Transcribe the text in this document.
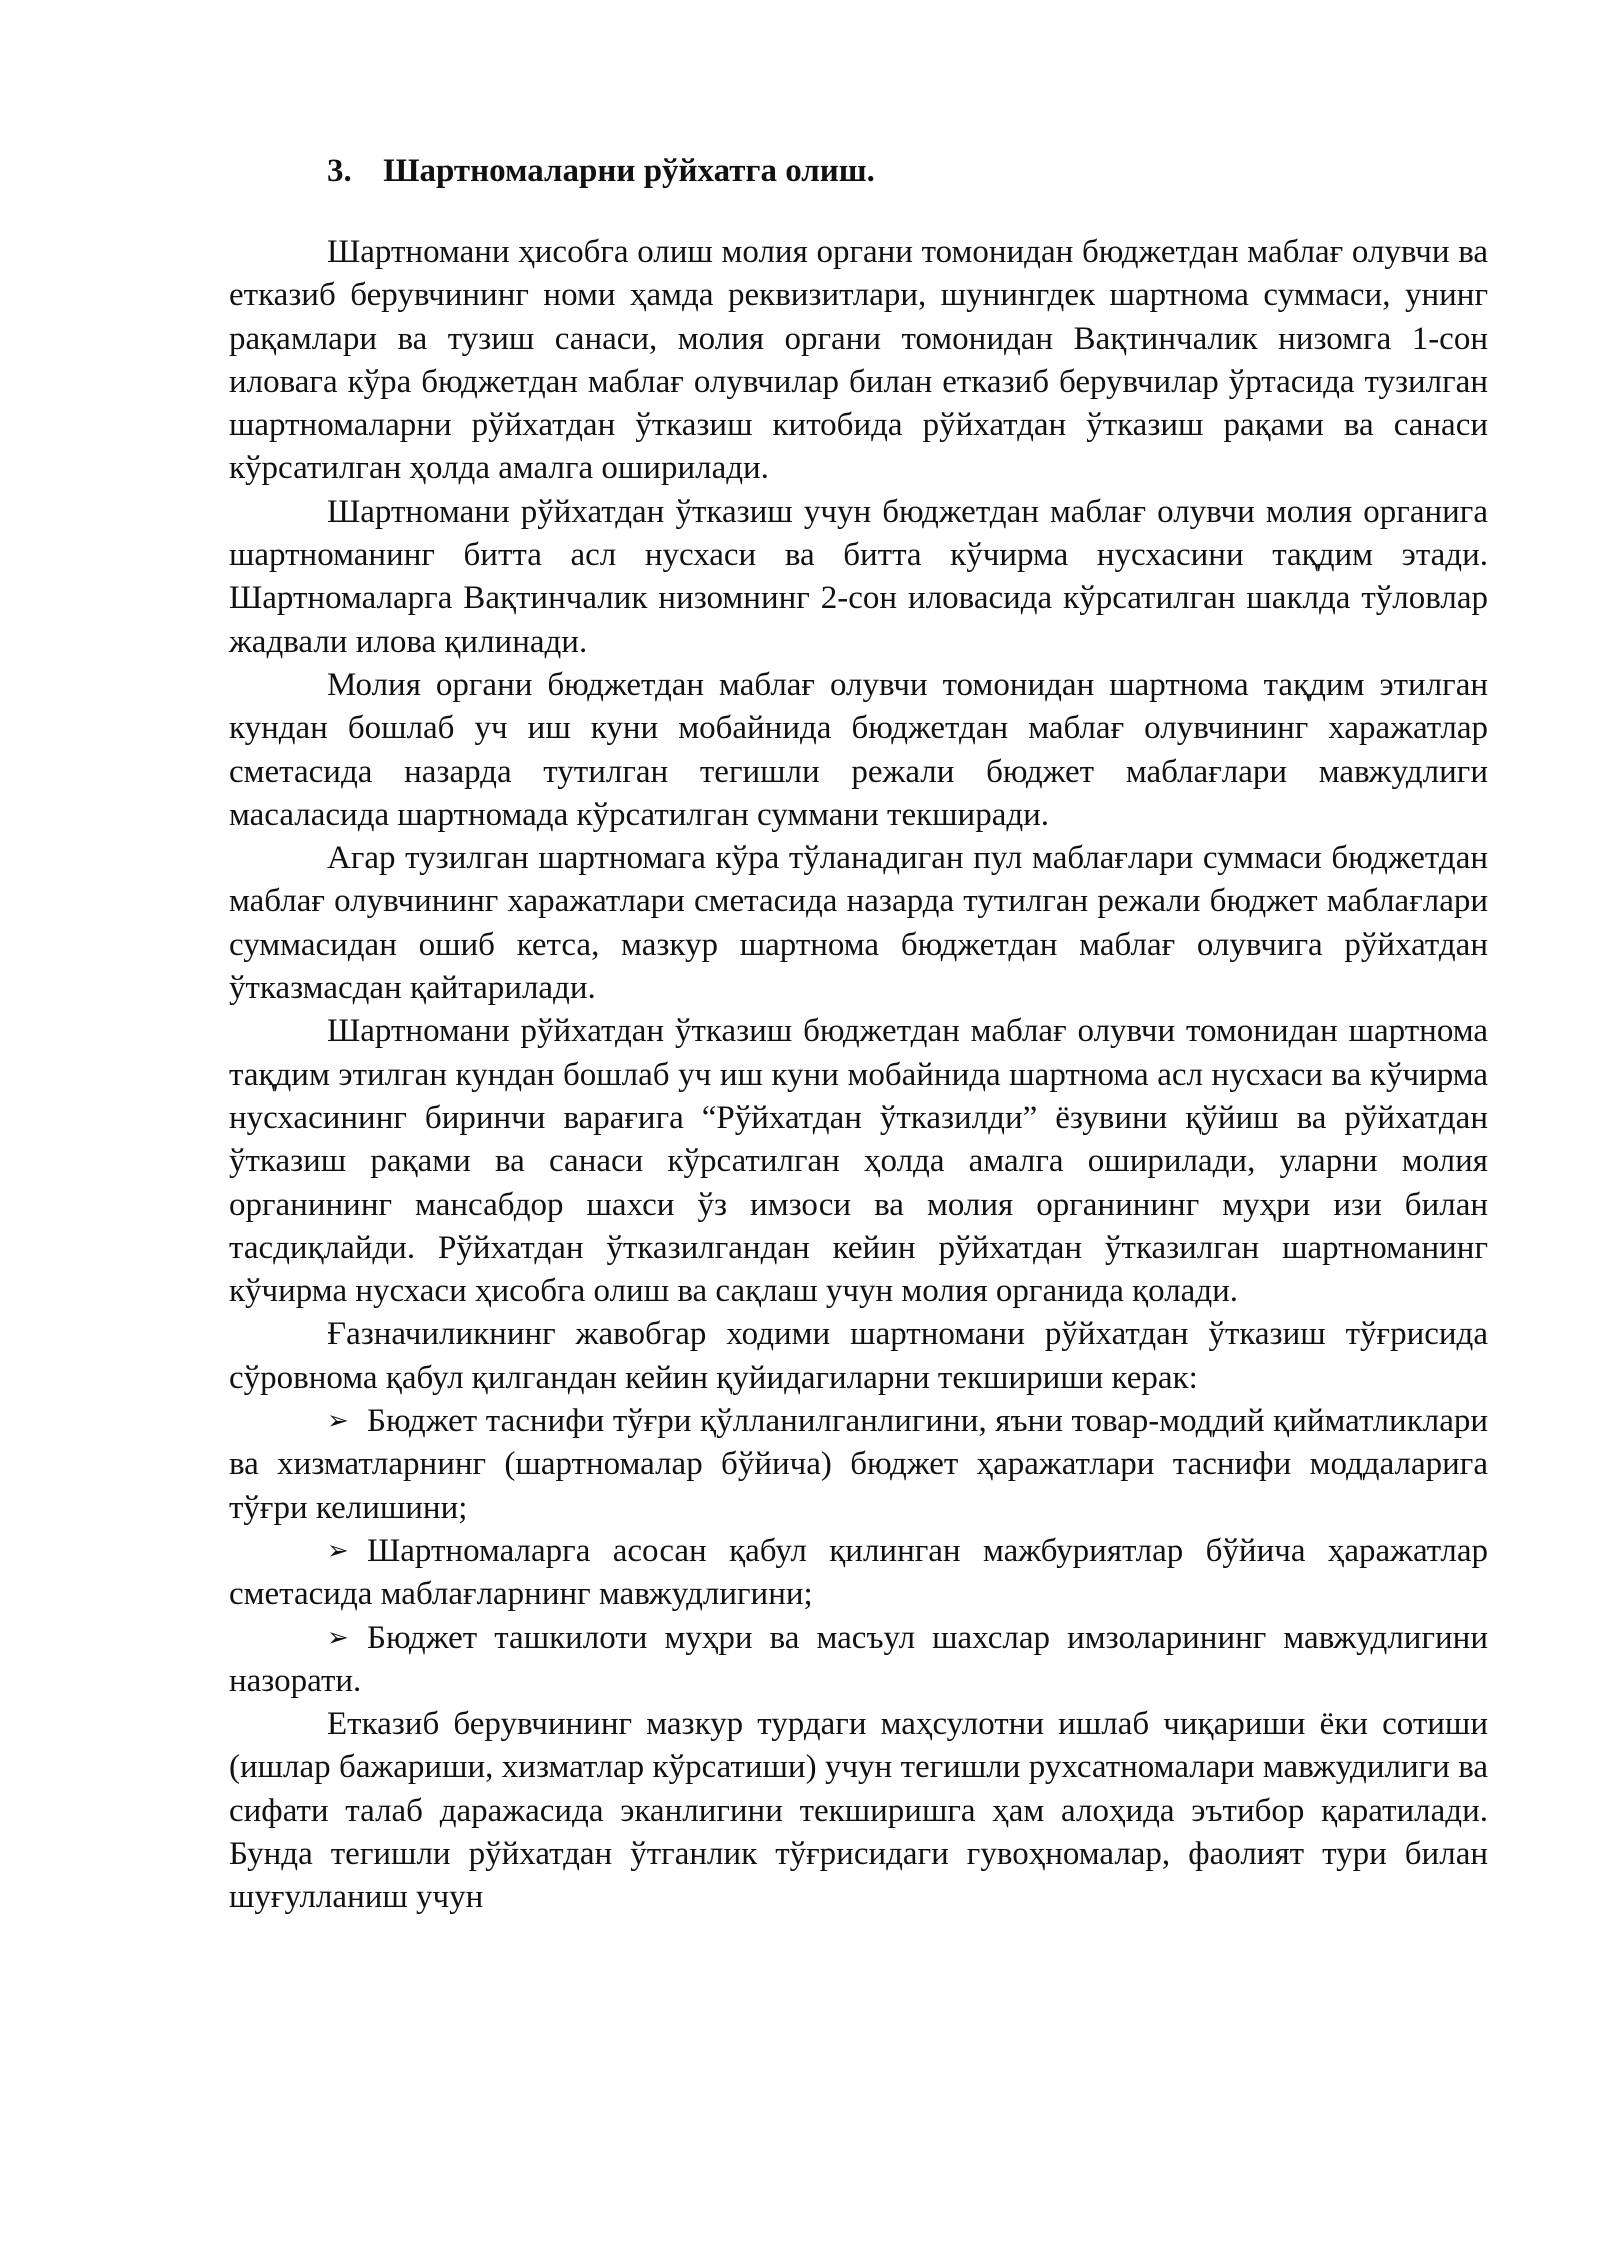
3. Шартномаларни рўйхатга олиш.

Шартномани ҳисобга олиш молия органи томонидан бюджетдан маблағ олувчи ва етказиб берувчининг номи ҳамда реквизитлари, шунингдек шартнома суммаси, унинг рақамлари ва тузиш санаси, молия органи томонидан Вақтинчалик низомга 1-сон иловага кўра бюджетдан маблағ олувчилар билан етказиб берувчилар ўртасида тузилган шартномаларни рўйхатдан ўтказиш китобида рўйхатдан ўтказиш рақами ва санаси кўрсатилган ҳолда амалга оширилади.

Шартномани рўйхатдан ўтказиш учун бюджетдан маблағ олувчи молия органига шартноманинг битта асл нусхаси ва битта кўчирма нусхасини тақдим этади. Шартномаларга Вақтинчалик низомнинг 2-сон иловасида кўрсатилган шаклда тўловлар жадвали илова қилинади.

Молия органи бюджетдан маблағ олувчи томонидан шартнома тақдим этилган кундан бошлаб уч иш куни мобайнида бюджетдан маблағ олувчининг харажатлар сметасида назарда тутилган тегишли режали бюджет маблағлари мавжудлиги масаласида шартномада кўрсатилган суммани текширади.

Агар тузилган шартномага кўра тўланадиган пул маблағлари суммаси бюджетдан маблағ олувчининг харажатлари сметасида назарда тутилган режали бюджет маблағлари суммасидан ошиб кетса, мазкур шартнома бюджетдан маблағ олувчига рўйхатдан ўтказмасдан қайтарилади.

Шартномани рўйхатдан ўтказиш бюджетдан маблағ олувчи томонидан шартнома тақдим этилган кундан бошлаб уч иш куни мобайнида шартнома асл нусхаси ва кўчирма нусхасининг биринчи варағига “Рўйхатдан ўтказилди” ёзувини қўйиш ва рўйхатдан ўтказиш рақами ва санаси кўрсатилган ҳолда амалга оширилади, уларни молия органининг мансабдор шахси ўз имзоси ва молия органининг муҳри изи билан тасдиқлайди. Рўйхатдан ўтказилгандан кейин рўйхатдан ўтказилган шартноманинг кўчирма нусхаси ҳисобга олиш ва сақлаш учун молия органида қолади.

Ғазначиликнинг жавобгар ходими шартномани рўйхатдан ўтказиш тўғрисида сўровнома қабул қилгандан кейин қуйидагиларни текшириши керак:

➢ Бюджет таснифи тўғри қўлланилганлигини, яъни товар-моддий қийматликлари ва хизматларнинг (шартномалар бўйича) бюджет ҳаражатлари таснифи моддаларига тўғри келишини;

➢ Шартномаларга асосан қабул қилинган мажбуриятлар бўйича ҳаражатлар сметасида маблағларнинг мавжудлигини;

➢ Бюджет ташкилоти муҳри ва масъул шахслар имзоларининг мавжудлигини назорати.

Етказиб берувчининг мазкур турдаги маҳсулотни ишлаб чиқариши ёки сотиши (ишлар бажариши, хизматлар кўрсатиши) учун тегишли рухсатномалари мавжудилиги ва сифати талаб даражасида эканлигини текширишга ҳам алоҳида эътибор қаратилади. Бунда тегишли рўйхатдан ўтганлик тўғрисидаги гувоҳномалар, фаолият тури билан шуғулланиш учун
